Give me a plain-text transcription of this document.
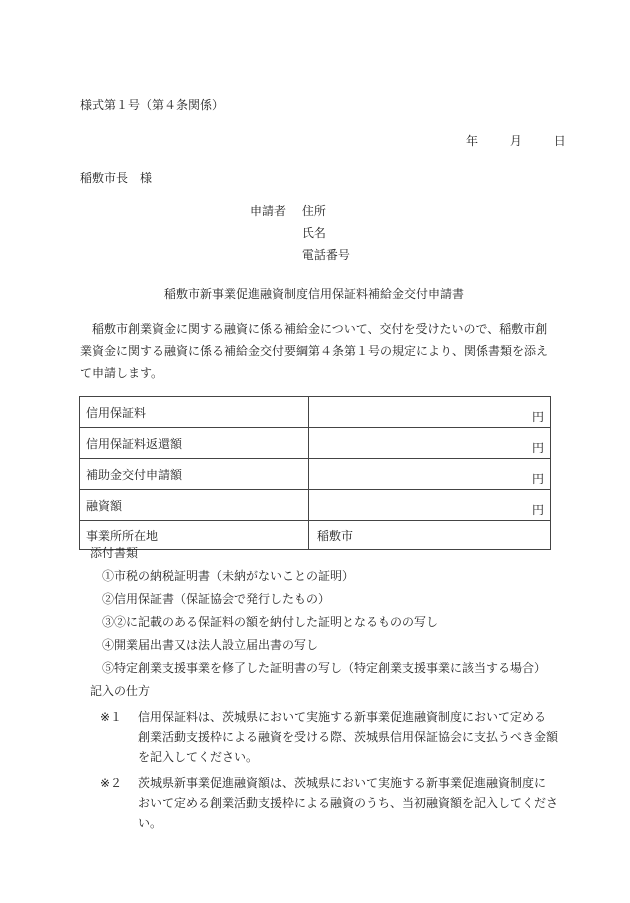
様式第１号（第４条関係）
年	月	日
稲敷市長　様
申請者 住所
氏名
電話番号
稲敷市新事業促進融資制度信用保証料補給金交付申請書
　稲敷市創業資金に関する融資に係る補給金について、交付を受けたいので、稲敷市創
業資金に関する融資に係る補給金交付要綱第４条第１号の規定により、関係書類を添え
て申請します。
信用保証料	円
信用保証料返還額	円
補助金交付申請額	円
融資額	円
事業所所在地	稲敷市
添付書類
①市税の納税証明書（未納がないことの証明）
②信用保証書（保証協会で発行したもの）
③②に記載のある保証料の額を納付した証明となるものの写し
④開業届出書又は法人設立届出書の写し
⑤特定創業支援事業を修了した証明書の写し（特定創業支援事業に該当する場合）
記入の仕方
※１	信用保証料は、茨城県において実施する新事業促進融資制度において定める
創業活動支援枠による融資を受ける際、茨城県信用保証協会に支払うべき金額
を記入してください。
※２	茨城県新事業促進融資額は、茨城県において実施する新事業促進融資制度に
おいて定める創業活動支援枠による融資のうち、当初融資額を記入してくださ
い。
